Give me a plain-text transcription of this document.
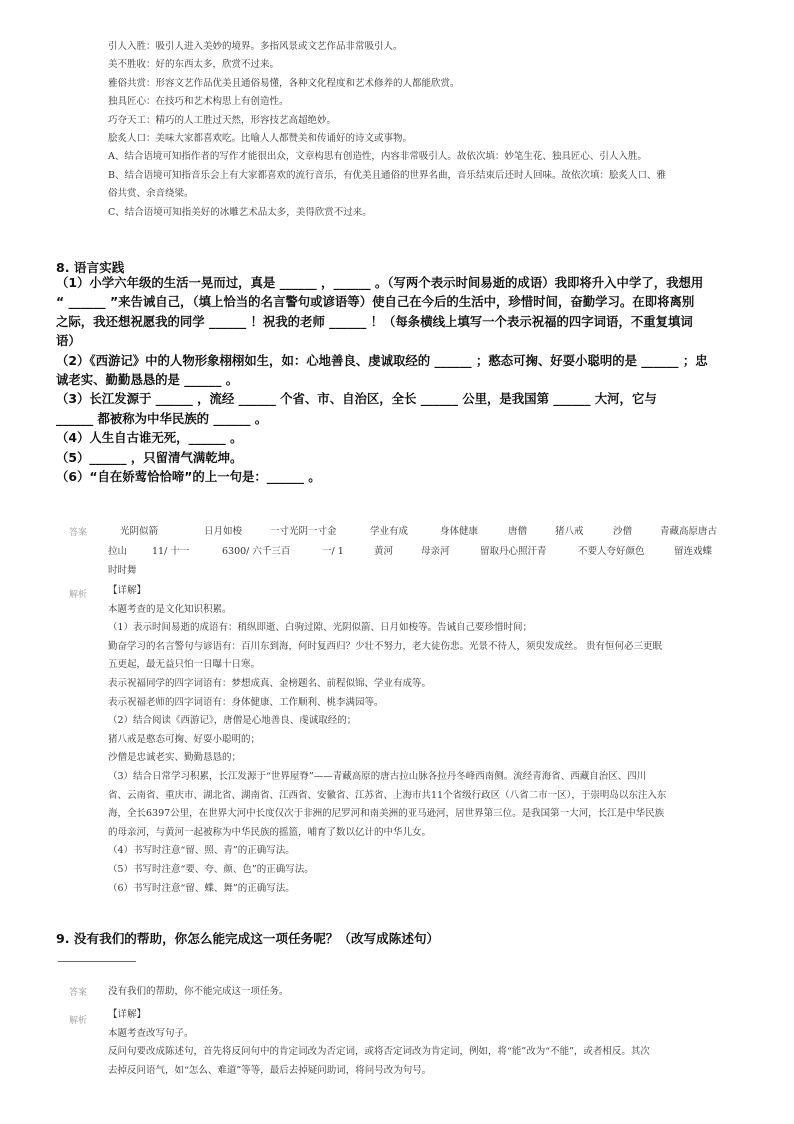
引人入胜：吸引人进入美妙的境界。多指风景或文艺作品非常吸引人。
美不胜收：好的东西太多，欣赏不过来。
雅俗共赏：形容文艺作品优美且通俗易懂，各种文化程度和艺术修养的人都能欣赏。
独具匠心：在技巧和艺术构思上有创造性。
巧夺天工：精巧的人工胜过天然，形容技艺高超绝妙。
脍炙人口：美味大家都喜欢吃。比喻人人都赞美和传诵好的诗文或事物。
A、结合语境可知指作者的写作才能很出众，文章构思有创造性，内容非常吸引人。故依次填：妙笔生花、独具匠心、引人入胜。
B、结合语境可知指音乐会上有大家都喜欢的流行音乐，有优美且通俗的世界名曲，音乐结束后还时人回味。故依次填：脍炙人口、雅
俗共赏、余音绕梁。
C、结合语境可知指美好的冰雕艺术品太多，美得欣赏不过来。
8. 语言实践

（1）小学六年级的生活一晃而过，真是 ______ ，______ 。（写两个表示时间易逝的成语）我即将升入中学了，我想用

“ ______ ”来告诫自己，（填上恰当的名言警句或谚语等）使自己在今后的生活中，珍惜时间，奋勤学习。在即将离别

之际，我还想祝愿我的同学 ______ ！祝我的老师 ______ ！（每条横线上填写一个表示祝福的四字词语，不重复填词

语）

（2）《西游记》中的人物形象栩栩如生，如：心地善良、虔诚取经的 ______ ；憨态可掬、好耍小聪明的是 ______ ；忠

诚老实、勤勤恳恳的是 ______ 。

（3）长江发源于 ______ ，流经 ______ 个省、市、自治区，全长 ______ 公里，是我国第 ______ 大河，它与

______ 都被称为中华民族的 ______ 。

（4）人生自古谁无死，______ 。

（5）______ ，只留清气满乾坤。

（6）“自在娇莺恰恰啼”的上一句是：______ 。

答案	光阴似箭	日月如梭	一寸光阴一寸金	学业有成	身体健康	唐僧	猪八戒	沙僧	青藏高原唐古
拉山	11/ 十一	6300/ 六千三百	一/ 1	黄河	母亲河	留取丹心照汗青	不要人夸好颜色	留连戏蝶
时时舞
解析 【详解】
本题考查的是文化知识积累。
（1）表示时间易逝的成语有：稍纵即逝、白驹过隙、光阴似箭、日月如梭等。告诫自己要珍惜时间；
勤奋学习的名言警句与谚语有：百川东到海，何时复西归？少壮不努力，老大徒伤悲。光景不待人，须臾发成丝。 贵有恒何必三更眠
五更起，最无益只怕一日曝十日寒。
表示祝福同学的四字词语有：梦想成真、金榜题名、前程似锦、学业有成等。
表示祝福老师的四字词语有：身体健康、工作顺利、桃李满园等。
（2）结合阅读《西游记》，唐僧是心地善良、虔诚取经的；
猪八戒是憨态可掬、好耍小聪明的；
沙僧是忠诚老实、勤勤恳恳的；
（3）结合日常学习积累，长江发源于“世界屋脊”——青藏高原的唐古拉山脉各拉丹冬峰西南侧。流经青海省、西藏自治区、四川
省、云南省、重庆市、湖北省、湖南省、江西省、安徽省、江苏省、上海市共11个省级行政区（八省二市一区），于崇明岛以东注入东
海，全长6397公里，在世界大河中长度仅次于非洲的尼罗河和南美洲的亚马逊河，居世界第三位。是我国第一大河，长江是中华民族
的母亲河，与黄河一起被称为中华民族的摇篮，哺育了数以亿计的中华儿女。
（4）书写时注意“留、照、青”的正确写法。
（5）书写时注意“要、夸、颜、色”的正确写法。
（6）书写时注意“留、蝶、舞”的正确写法。
9. 没有我们的帮助，你怎么能完成这一项任务呢？（改写成陈述句）
答案 没有我们的帮助，你不能完成这一项任务。
解析
【详解】
本题考查改写句子。
反问句要改成陈述句，首先将反问句中的肯定词改为否定词，或将否定词改为肯定词，例如，将“能”改为“不能”，或者相反。其次
去掉反问语气，如“怎么、难道”等等，最后去掉疑问助词，将问号改为句号。
